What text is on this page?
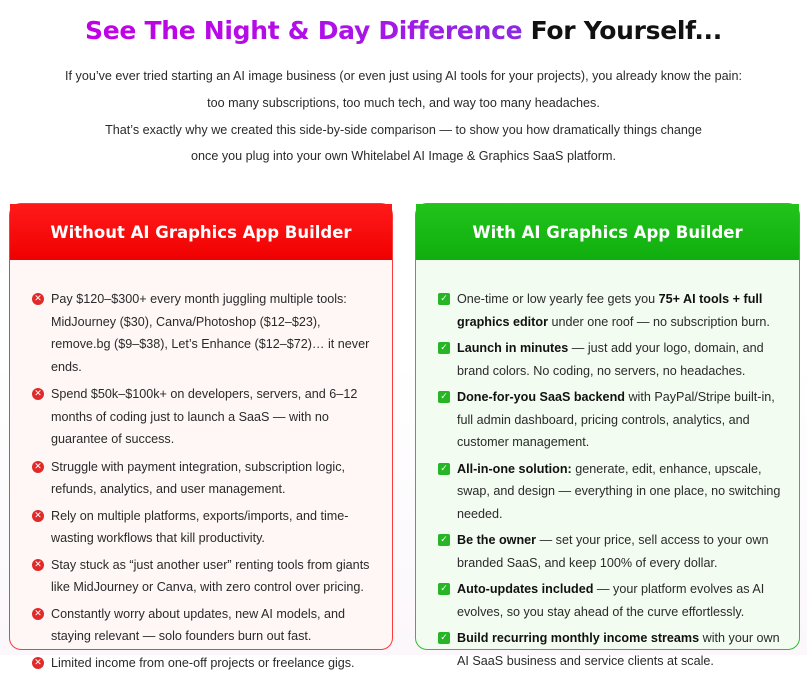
See The Night & Day Difference For Yourself...

If you’ve ever tried starting an AI image business (or even just using AI tools for your projects), you already know the pain:

too many subscriptions, too much tech, and way too many headaches.

That’s exactly why we created this side-by-side comparison — to show you how dramatically things change

once you plug into your own Whitelabel AI Image & Graphics SaaS platform.

Without AI Graphics App Builder
✕ Pay $120–$300+ every month juggling multiple tools: MidJourney ($30), Canva/Photoshop ($12–$23), remove.bg ($9–$38), Let’s Enhance ($12–$72)… it never ends.
✕ Spend $50k–$100k+ on developers, servers, and 6–12 months of coding just to launch a SaaS — with no guarantee of success.
✕ Struggle with payment integration, subscription logic, refunds, analytics, and user management.
✕ Rely on multiple platforms, exports/imports, and time-wasting workflows that kill productivity.
✕ Stay stuck as “just another user” renting tools from giants like MidJourney or Canva, with zero control over pricing.
✕ Constantly worry about updates, new AI models, and staying relevant — solo founders burn out fast.
✕ Limited income from one-off projects or freelance gigs.
With AI Graphics App Builder
✓ One-time or low yearly fee gets you 75+ AI tools + full graphics editor under one roof — no subscription burn.
✓ Launch in minutes — just add your logo, domain, and brand colors. No coding, no servers, no headaches.
✓ Done-for-you SaaS backend with PayPal/Stripe built-in, full admin dashboard, pricing controls, analytics, and customer management.
✓ All-in-one solution: generate, edit, enhance, upscale, swap, and design — everything in one place, no switching needed.
✓ Be the owner — set your price, sell access to your own branded SaaS, and keep 100% of every dollar.
✓ Auto-updates included — your platform evolves as AI evolves, so you stay ahead of the curve effortlessly.
✓ Build recurring monthly income streams with your own AI SaaS business and service clients at scale.
